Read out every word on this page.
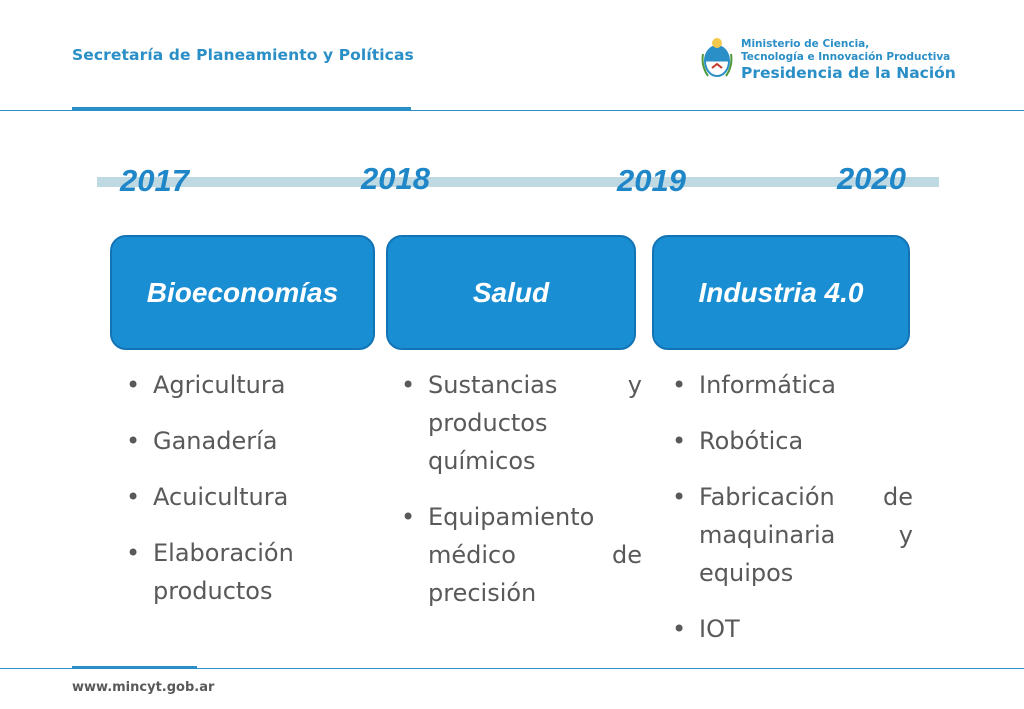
Secretaría de Planeamiento y Políticas
Ministerio de Ciencia,
Tecnología e Innovación Productiva
Presidencia de la Nación
2017	2018	2019	2020
Bioeconomías	Salud	Industria 4.0
• Agricultura
• Ganadería
• Acuicultura
• Elaboración productos
• Sustancias y productos químicos
• Equipamiento médico de precisión
• Informática
• Robótica
• Fabricación de maquinaria y equipos
• IOT
www.mincyt.gob.ar
